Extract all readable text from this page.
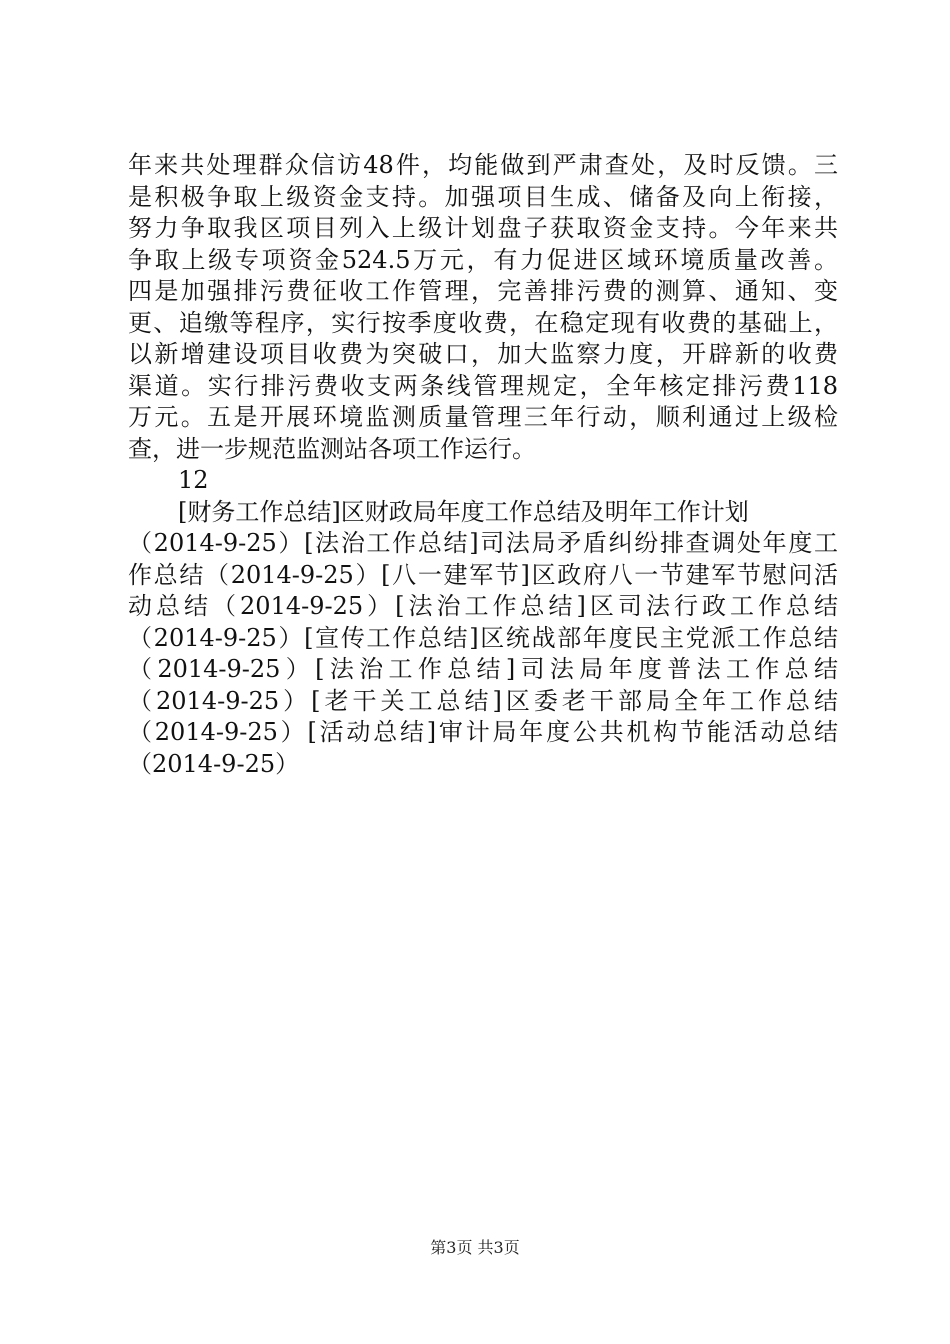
年来共处理群众信访48件，均能做到严肃查处，及时反馈。三
是积极争取上级资金支持。加强项目生成、储备及向上衔接，
努力争取我区项目列入上级计划盘子获取资金支持。今年来共
争取上级专项资金524.5万元，有力促进区域环境质量改善。
四是加强排污费征收工作管理，完善排污费的测算、通知、变
更、追缴等程序，实行按季度收费，在稳定现有收费的基础上，
以新增建设项目收费为突破口，加大监察力度，开辟新的收费
渠道。实行排污费收支两条线管理规定，全年核定排污费118
万元。五是开展环境监测质量管理三年行动，顺利通过上级检
查，进一步规范监测站各项工作运行。
12
[财务工作总结]区财政局年度工作总结及明年工作计划
（2014-9-25）[法治工作总结]司法局矛盾纠纷排查调处年度工
作总结（2014-9-25）[八一建军节]区政府八一节建军节慰问活
动总结（2014-9-25）[法治工作总结]区司法行政工作总结
（2014-9-25）[宣传工作总结]区统战部年度民主党派工作总结
（2014-9-25）[法治工作总结]司法局年度普法工作总结
（2014-9-25）[老干关工总结]区委老干部局全年工作总结
（2014-9-25）[活动总结]审计局年度公共机构节能活动总结
（2014-9-25）
第3页 共3页
